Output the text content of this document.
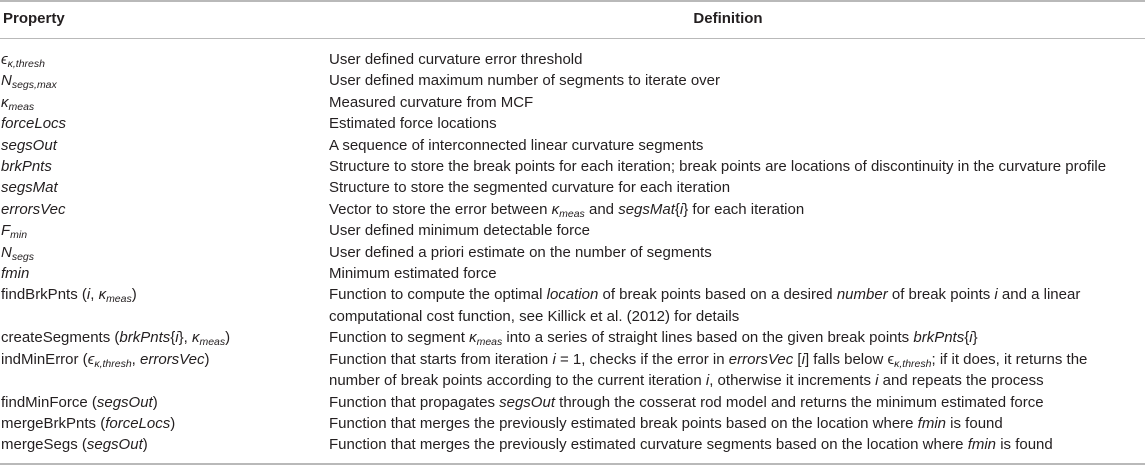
Property	Definition
$\epsilon_{\kappa,thresh}$	User defined curvature error threshold
$N_{segs,max}$	User defined maximum number of segments to iterate over
$\kappa_{meas}$	Measured curvature from MCF
forceLocs	Estimated force locations
segsOut	A sequence of interconnected linear curvature segments
brkPnts	Structure to store the break points for each iteration; break points are locations of discontinuity in the curvature profile
segsMat	Structure to store the segmented curvature for each iteration
errorsVec	Vector to store the error between $\kappa_{meas}$ and segsMat{i} for each iteration
$F_{min}$	User defined minimum detectable force
$N_{segs}$	User defined a priori estimate on the number of segments
fmin	Minimum estimated force
findBrkPnts (i, $\kappa_{meas}$)	Function to compute the optimal location of break points based on a desired number of break points i and a linear computational cost function, see Killick et al. (2012) for details
createSegments (brkPnts{i}, $\kappa_{meas}$)	Function to segment $\kappa_{meas}$ into a series of straight lines based on the given break points brkPnts{i}
indMinError ($\epsilon_{\kappa,thresh}$, errorsVec)	Function that starts from iteration i = 1, checks if the error in errorsVec [i] falls below $\epsilon_{\kappa,thresh}$; if it does, it returns the number of break points according to the current iteration i, otherwise it increments i and repeats the process
findMinForce (segsOut)	Function that propagates segsOut through the cosserat rod model and returns the minimum estimated force
mergeBrkPnts (forceLocs)	Function that merges the previously estimated break points based on the location where fmin is found
mergeSegs (segsOut)	Function that merges the previously estimated curvature segments based on the location where fmin is found
